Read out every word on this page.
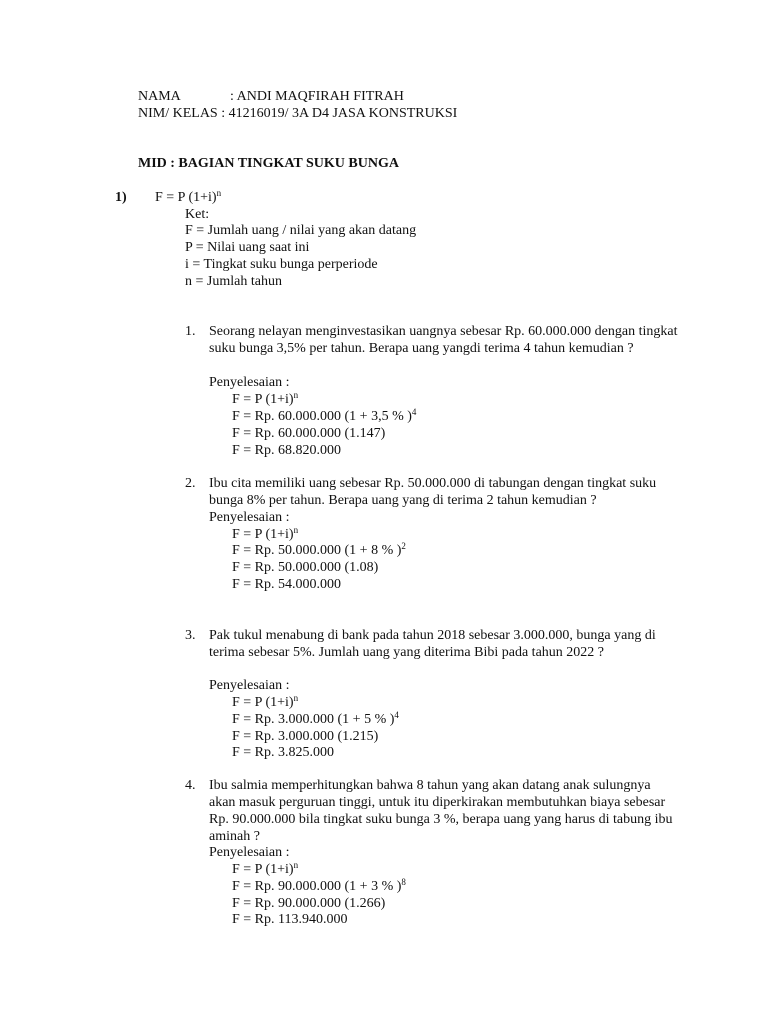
NAMA	: ANDI MAQFIRAH FITRAH
NIM/ KELAS : 41216019/ 3A D4 JASA KONSTRUKSI
MID : BAGIAN TINGKAT SUKU BUNGA
1) F = P $(1+i)^n$
Ket:
F = Jumlah uang / nilai yang akan datang
P = Nilai uang saat ini
i = Tingkat suku bunga perperiode
n = Jumlah tahun
1. Seorang nelayan menginvestasikan uangnya sebesar Rp. 60.000.000 dengan tingkat suku bunga 3,5% per tahun. Berapa uang yangdi terima 4 tahun kemudian ?
Penyelesaian :
F = P $(1+i)^n$
F = Rp. 60.000.000 (1 + 3,5 % )$^4$
F = Rp. 60.000.000 (1.147)
F = Rp. 68.820.000
2. Ibu cita memiliki uang sebesar Rp. 50.000.000 di tabungan dengan tingkat suku bunga 8% per tahun. Berapa uang yang di terima 2 tahun kemudian ?
Penyelesaian :
F = P $(1+i)^n$
F = Rp. 50.000.000 (1 + 8 % )$^2$
F = Rp. 50.000.000 (1.08)
F = Rp. 54.000.000
3. Pak tukul menabung di bank pada tahun 2018 sebesar 3.000.000, bunga yang di terima sebesar 5%. Jumlah uang yang diterima Bibi pada tahun 2022 ?
Penyelesaian :
F = P $(1+i)^n$
F = Rp. 3.000.000 (1 + 5 % )$^4$
F = Rp. 3.000.000 (1.215)
F = Rp. 3.825.000
4. Ibu salmia memperhitungkan bahwa 8 tahun yang akan datang anak sulungnya akan masuk perguruan tinggi, untuk itu diperkirakan membutuhkan biaya sebesar Rp. 90.000.000 bila tingkat suku bunga 3 %, berapa uang yang harus di tabung ibu aminah ?
Penyelesaian :
F = P $(1+i)^n$
F = Rp. 90.000.000 (1 + 3 % )$^8$
F = Rp. 90.000.000 (1.266)
F = Rp. 113.940.000
